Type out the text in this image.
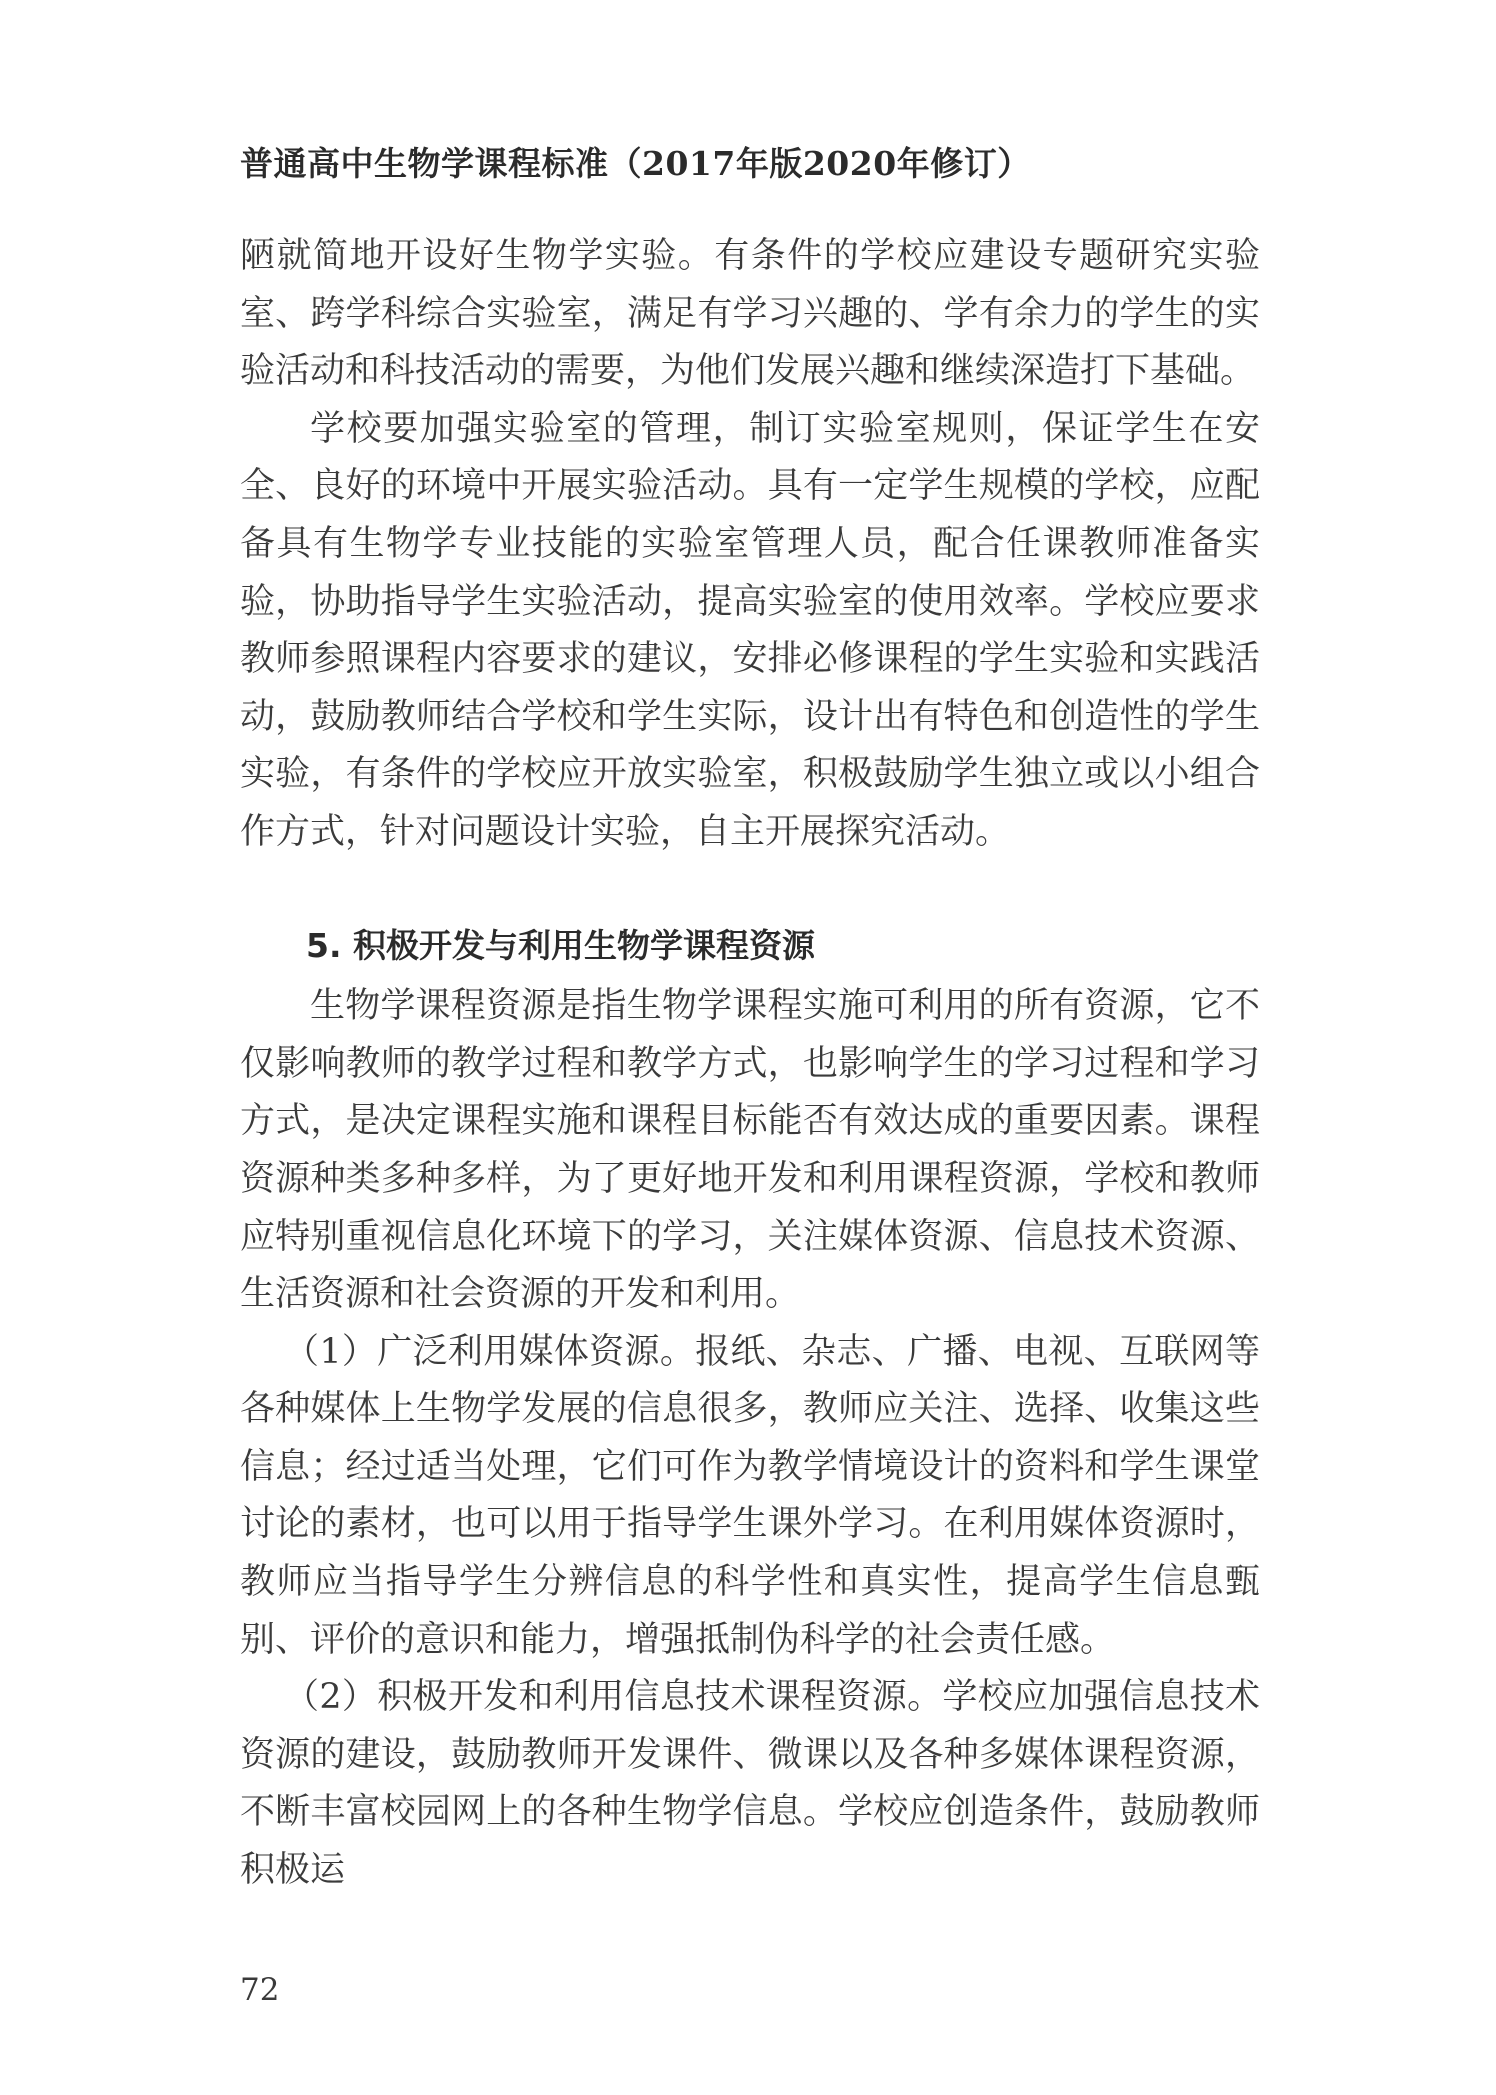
普通高中生物学课程标准（2017年版2020年修订）

陋就简地开设好生物学实验。有条件的学校应建设专题研究实验室、跨学科综合实验室，满足有学习兴趣的、学有余力的学生的实验活动和科技活动的需要，为他们发展兴趣和继续深造打下基础。

学校要加强实验室的管理，制订实验室规则，保证学生在安全、良好的环境中开展实验活动。具有一定学生规模的学校，应配备具有生物学专业技能的实验室管理人员，配合任课教师准备实验，协助指导学生实验活动，提高实验室的使用效率。学校应要求教师参照课程内容要求的建议，安排必修课程的学生实验和实践活动，鼓励教师结合学校和学生实际，设计出有特色和创造性的学生实验，有条件的学校应开放实验室，积极鼓励学生独立或以小组合作方式，针对问题设计实验，自主开展探究活动。

5. 积极开发与利用生物学课程资源

生物学课程资源是指生物学课程实施可利用的所有资源，它不仅影响教师的教学过程和教学方式，也影响学生的学习过程和学习方式，是决定课程实施和课程目标能否有效达成的重要因素。课程资源种类多种多样，为了更好地开发和利用课程资源，学校和教师应特别重视信息化环境下的学习，关注媒体资源、信息技术资源、生活资源和社会资源的开发和利用。

（1）广泛利用媒体资源。报纸、杂志、广播、电视、互联网等各种媒体上生物学发展的信息很多，教师应关注、选择、收集这些信息；经过适当处理，它们可作为教学情境设计的资料和学生课堂讨论的素材，也可以用于指导学生课外学习。在利用媒体资源时，教师应当指导学生分辨信息的科学性和真实性，提高学生信息甄别、评价的意识和能力，增强抵制伪科学的社会责任感。

（2）积极开发和利用信息技术课程资源。学校应加强信息技术资源的建设，鼓励教师开发课件、微课以及各种多媒体课程资源，不断丰富校园网上的各种生物学信息。学校应创造条件，鼓励教师积极运

72
